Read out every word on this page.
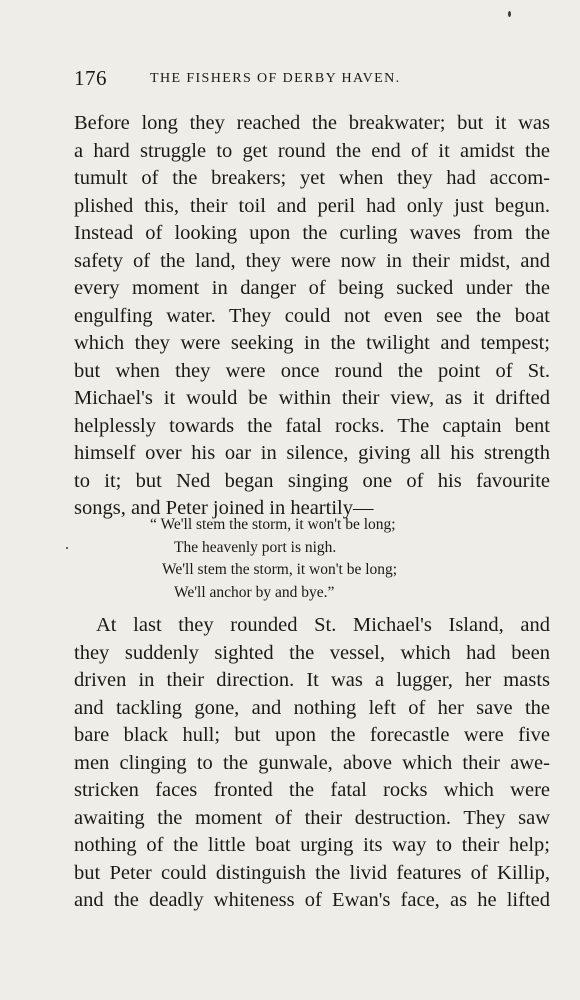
176	THE FISHERS OF DERBY HAVEN.
Before long they reached the breakwater; but it was
a hard struggle to get round the end of it amidst the
tumult of the breakers; yet when they had accom-
plished this, their toil and peril had only just begun.
Instead of looking upon the curling waves from the
safety of the land, they were now in their midst, and
every moment in danger of being sucked under the
engulfing water. They could not even see the boat
which they were seeking in the twilight and tempest;
but when they were once round the point of St.
Michael's it would be within their view, as it drifted
helplessly towards the fatal rocks. The captain bent
himself over his oar in silence, giving all his strength
to it; but Ned began singing one of his favourite
songs, and Peter joined in heartily—
“ We'll stem the storm, it won't be long;
The heavenly port is nigh.
We'll stem the storm, it won't be long;
We'll anchor by and bye.”
At last they rounded St. Michael's Island, and
they suddenly sighted the vessel, which had been
driven in their direction. It was a lugger, her masts
and tackling gone, and nothing left of her save the
bare black hull; but upon the forecastle were five
men clinging to the gunwale, above which their awe-
stricken faces fronted the fatal rocks which were
awaiting the moment of their destruction. They saw
nothing of the little boat urging its way to their help;
but Peter could distinguish the livid features of Killip,
and the deadly whiteness of Ewan's face, as he lifted
